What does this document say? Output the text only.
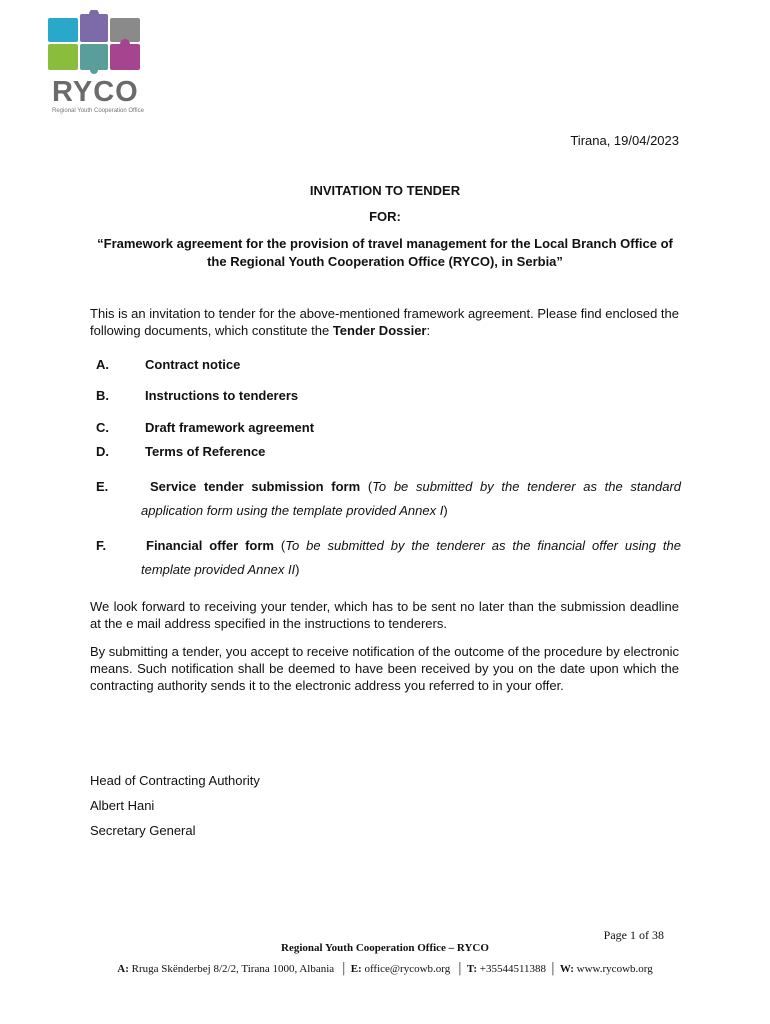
RYCO
Regional Youth Cooperation Office
Tirana, 19/04/2023
INVITATION TO TENDER
FOR:
“Framework agreement for the provision of travel management for the Local Branch Office of the Regional Youth Cooperation Office (RYCO), in Serbia”
This is an invitation to tender for the above-mentioned framework agreement. Please find enclosed the following documents, which constitute the Tender Dossier:
A.	Contract notice
B.	Instructions to tenderers
C.	Draft framework agreement
D.	Terms of Reference
E.	Service tender submission form (To be submitted by the tenderer as the standard application form using the template provided Annex I)
F.	Financial offer form (To be submitted by the tenderer as the financial offer using the template provided Annex II)
We look forward to receiving your tender, which has to be sent no later than the submission deadline at the e mail address specified in the instructions to tenderers.
By submitting a tender, you accept to receive notification of the outcome of the procedure by electronic means. Such notification shall be deemed to have been received by you on the date upon which the contracting authority sends it to the electronic address you referred to in your offer.
Head of Contracting Authority
Albert Hani
Secretary General
Page 1 of 38
Regional Youth Cooperation Office – RYCO
A: Rruga Skënderbej 8/2/2, Tirana 1000, Albania │ E: office@rycowb.org │ T: +35544511388 │ W: www.rycowb.org
